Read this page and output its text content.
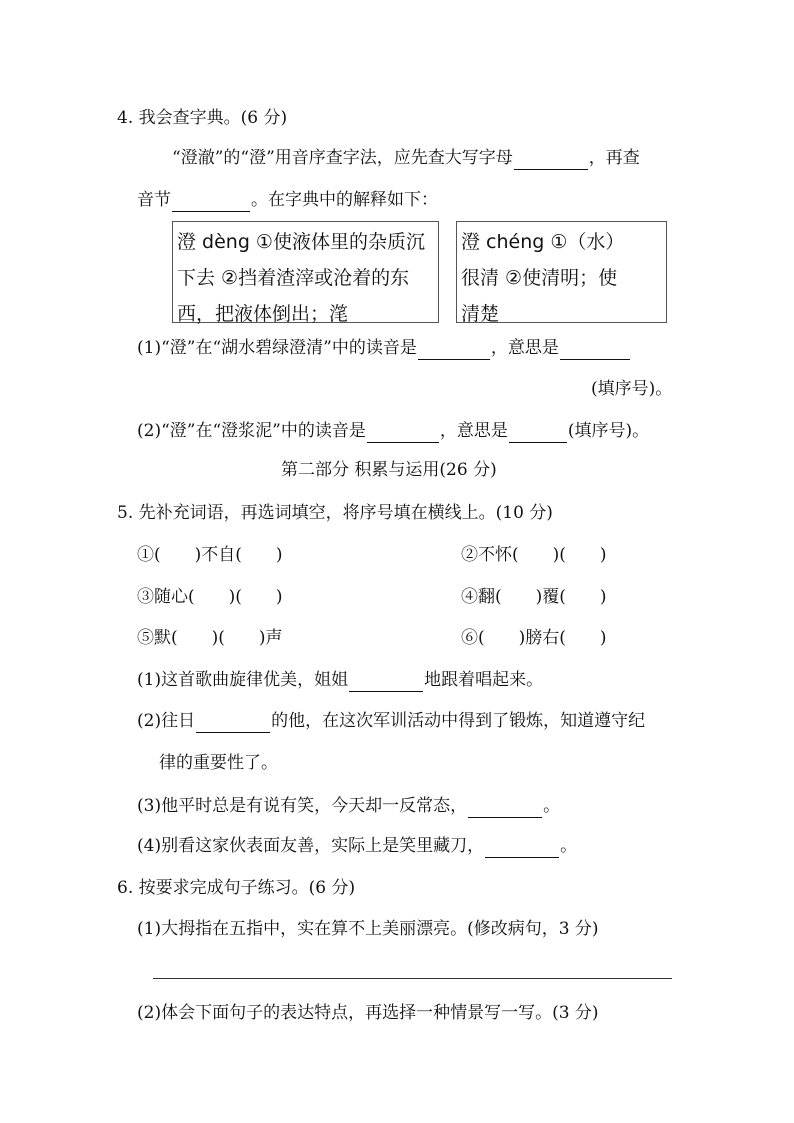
4. 我会查字典。(6 分)
“澄澈”的“澄”用音序查字法，应先查大写字母	，再查
音节	。在字典中的解释如下：
澄 dèng ①使液体里的杂质沉
下去 ②挡着渣滓或沧着的东
西，把液体倒出；滗
澄 chéng ①（水）
很清 ②使清明；使
清楚
(1)“澄”在“湖水碧绿澄清”中的读音是	，意思是
(填序号)。
(2)“澄”在“澄浆泥”中的读音是	，意思是	(填序号)。
第二部分 积累与运用(26 分)
5. 先补充词语，再选词填空，将序号填在横线上。(10 分)
①(　　)不自(　　)	②不怀(　　)(　　)
③随心(　　)(　　)	④翻(　　)覆(　　)
⑤默(　　)(　　)声	⑥(　　)膀右(　　)
(1)这首歌曲旋律优美，姐姐	地跟着唱起来。
(2)往日	的他，在这次军训活动中得到了锻炼，知道遵守纪
律的重要性了。
(3)他平时总是有说有笑，今天却一反常态，	。
(4)别看这家伙表面友善，实际上是笑里藏刀，	。
6. 按要求完成句子练习。(6 分)
(1)大拇指在五指中，实在算不上美丽漂亮。(修改病句，3 分)
(2)体会下面句子的表达特点，再选择一种情景写一写。(3 分)
